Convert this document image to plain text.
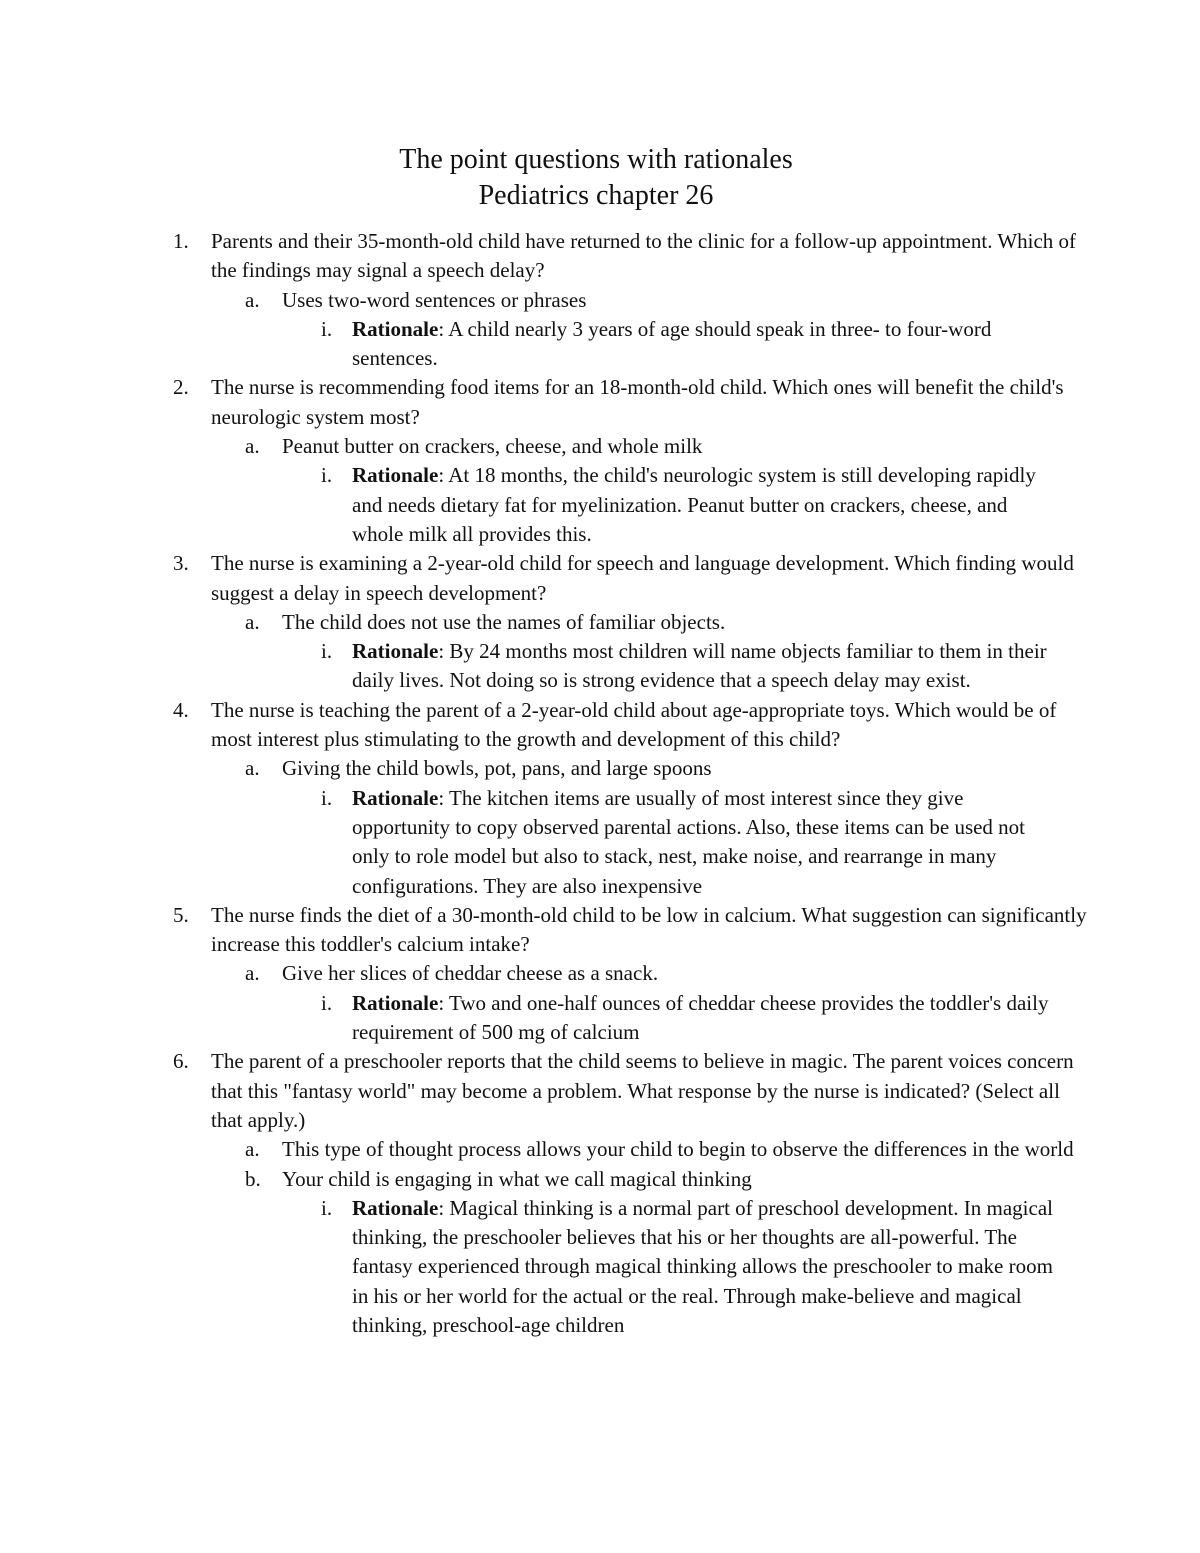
The point questions with rationales
Pediatrics chapter 26
1. Parents and their 35-month-old child have returned to the clinic for a follow-up appointment. Which of the findings may signal a speech delay?
a. Uses two-word sentences or phrases
i. Rationale: A child nearly 3 years of age should speak in three- to four-word sentences.
2. The nurse is recommending food items for an 18-month-old child. Which ones will benefit the child's neurologic system most?
a. Peanut butter on crackers, cheese, and whole milk
i. Rationale: At 18 months, the child's neurologic system is still developing rapidly and needs dietary fat for myelinization. Peanut butter on crackers, cheese, and whole milk all provides this.
3. The nurse is examining a 2-year-old child for speech and language development. Which finding would suggest a delay in speech development?
a. The child does not use the names of familiar objects.
i. Rationale: By 24 months most children will name objects familiar to them in their daily lives. Not doing so is strong evidence that a speech delay may exist.
4. The nurse is teaching the parent of a 2-year-old child about age-appropriate toys. Which would be of most interest plus stimulating to the growth and development of this child?
a. Giving the child bowls, pot, pans, and large spoons
i. Rationale: The kitchen items are usually of most interest since they give opportunity to copy observed parental actions. Also, these items can be used not only to role model but also to stack, nest, make noise, and rearrange in many configurations. They are also inexpensive
5. The nurse finds the diet of a 30-month-old child to be low in calcium. What suggestion can significantly increase this toddler's calcium intake?
a. Give her slices of cheddar cheese as a snack.
i. Rationale: Two and one-half ounces of cheddar cheese provides the toddler's daily requirement of 500 mg of calcium
6. The parent of a preschooler reports that the child seems to believe in magic. The parent voices concern that this "fantasy world" may become a problem. What response by the nurse is indicated? (Select all that apply.)
a. This type of thought process allows your child to begin to observe the differences in the world
b. Your child is engaging in what we call magical thinking
i. Rationale: Magical thinking is a normal part of preschool development. In magical thinking, the preschooler believes that his or her thoughts are all-powerful. The fantasy experienced through magical thinking allows the preschooler to make room in his or her world for the actual or the real. Through make-believe and magical thinking, preschool-age children
